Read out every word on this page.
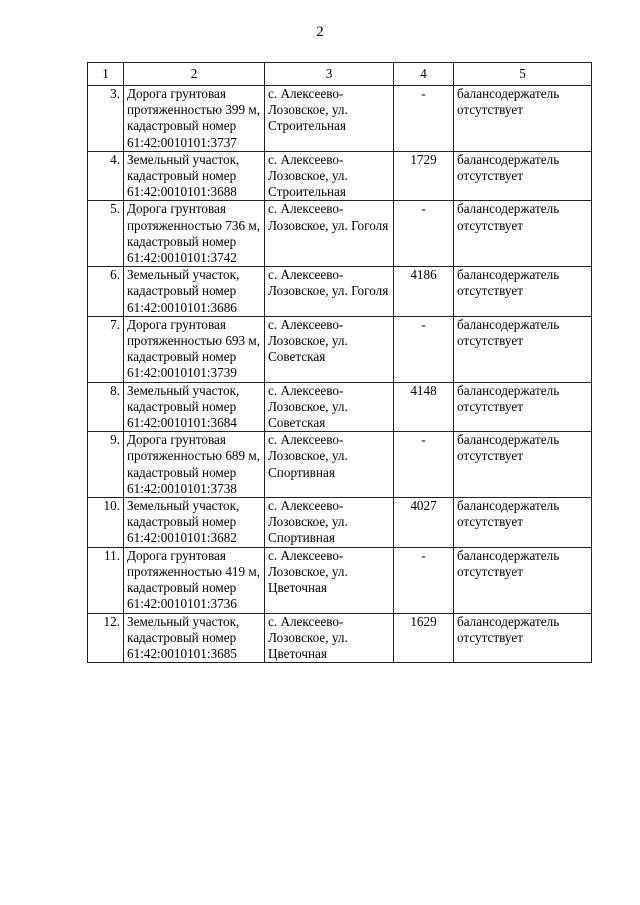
2
1	2	3	4	5
3.	Дорога грунтовая протяженностью 399 м, кадастровый номер 61:42:0010101:3737	с. Алексеево-Лозовское, ул. Строительная	-	балансодержатель отсутствует
4.	Земельный участок, кадастровый номер 61:42:0010101:3688	с. Алексеево-Лозовское, ул. Строительная	1729	балансодержатель отсутствует
5.	Дорога грунтовая протяженностью 736 м, кадастровый номер 61:42:0010101:3742	с. Алексеево-Лозовское, ул. Гоголя	-	балансодержатель отсутствует
6.	Земельный участок, кадастровый номер 61:42:0010101:3686	с. Алексеево-Лозовское, ул. Гоголя	4186	балансодержатель отсутствует
7.	Дорога грунтовая протяженностью 693 м, кадастровый номер 61:42:0010101:3739	с. Алексеево-Лозовское, ул. Советская	-	балансодержатель отсутствует
8.	Земельный участок, кадастровый номер 61:42:0010101:3684	с. Алексеево-Лозовское, ул. Советская	4148	балансодержатель отсутствует
9.	Дорога грунтовая протяженностью 689 м, кадастровый номер 61:42:0010101:3738	с. Алексеево-Лозовское, ул. Спортивная	-	балансодержатель отсутствует
10.	Земельный участок, кадастровый номер 61:42:0010101:3682	с. Алексеево-Лозовское, ул. Спортивная	4027	балансодержатель отсутствует
11.	Дорога грунтовая протяженностью 419 м, кадастровый номер 61:42:0010101:3736	с. Алексеево-Лозовское, ул. Цветочная	-	балансодержатель отсутствует
12.	Земельный участок, кадастровый номер 61:42:0010101:3685	с. Алексеево-Лозовское, ул. Цветочная	1629	балансодержатель отсутствует
